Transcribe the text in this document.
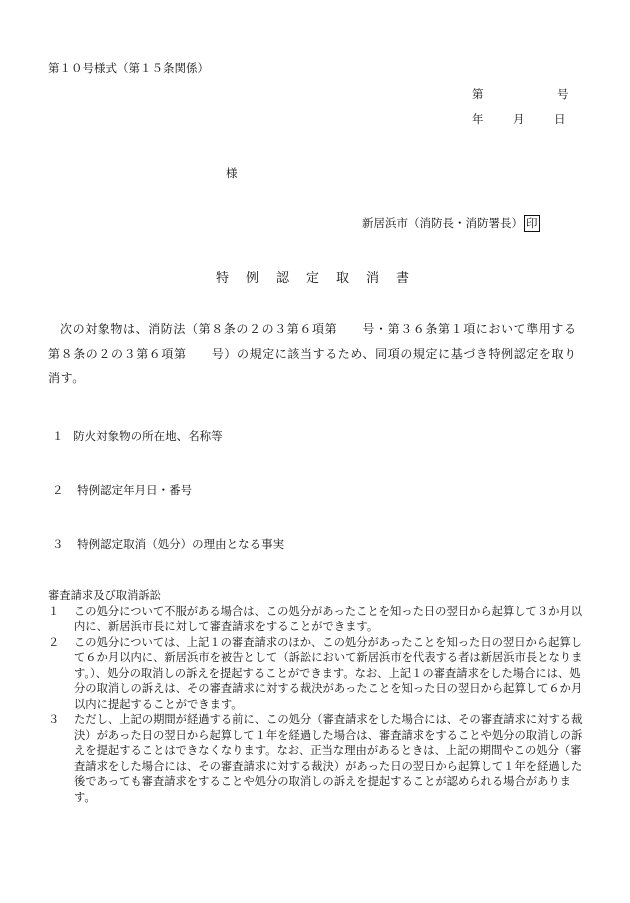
第１０号様式（第１５条関係）
第	号
年	月	日
様
新居浜市（消防長・消防署長） 印
特例認定取消書
次の対象物は、消防法（第８条の２の３第６項第　　号・第３６条第１項において準用する第８条の２の３第６項第　　号）の規定に該当するため、同項の規定に基づき特例認定を取り消す。
１ 防火対象物の所在地、名称等
２ 特例認定年月日・番号
３ 特例認定取消（処分）の理由となる事実
審査請求及び取消訴訟
１ この処分について不服がある場合は、この処分があったことを知った日の翌日から起算して３か月以内に、新居浜市長に対して審査請求をすることができます。
２ この処分については、上記１の審査請求のほか、この処分があったことを知った日の翌日から起算して６か月以内に、新居浜市を被告として（訴訟において新居浜市を代表する者は新居浜市長となります。）、処分の取消しの訴えを提起することができます。なお、上記１の審査請求をした場合には、処分の取消しの訴えは、その審査請求に対する裁決があったことを知った日の翌日から起算して６か月以内に提起することができます。
３ ただし、上記の期間が経過する前に、この処分（審査請求をした場合には、その審査請求に対する裁決）があった日の翌日から起算して１年を経過した場合は、審査請求をすることや処分の取消しの訴えを提起することはできなくなります。なお、正当な理由があるときは、上記の期間やこの処分（審査請求をした場合には、その審査請求に対する裁決）があった日の翌日から起算して１年を経過した後であっても審査請求をすることや処分の取消しの訴えを提起することが認められる場合があります。
